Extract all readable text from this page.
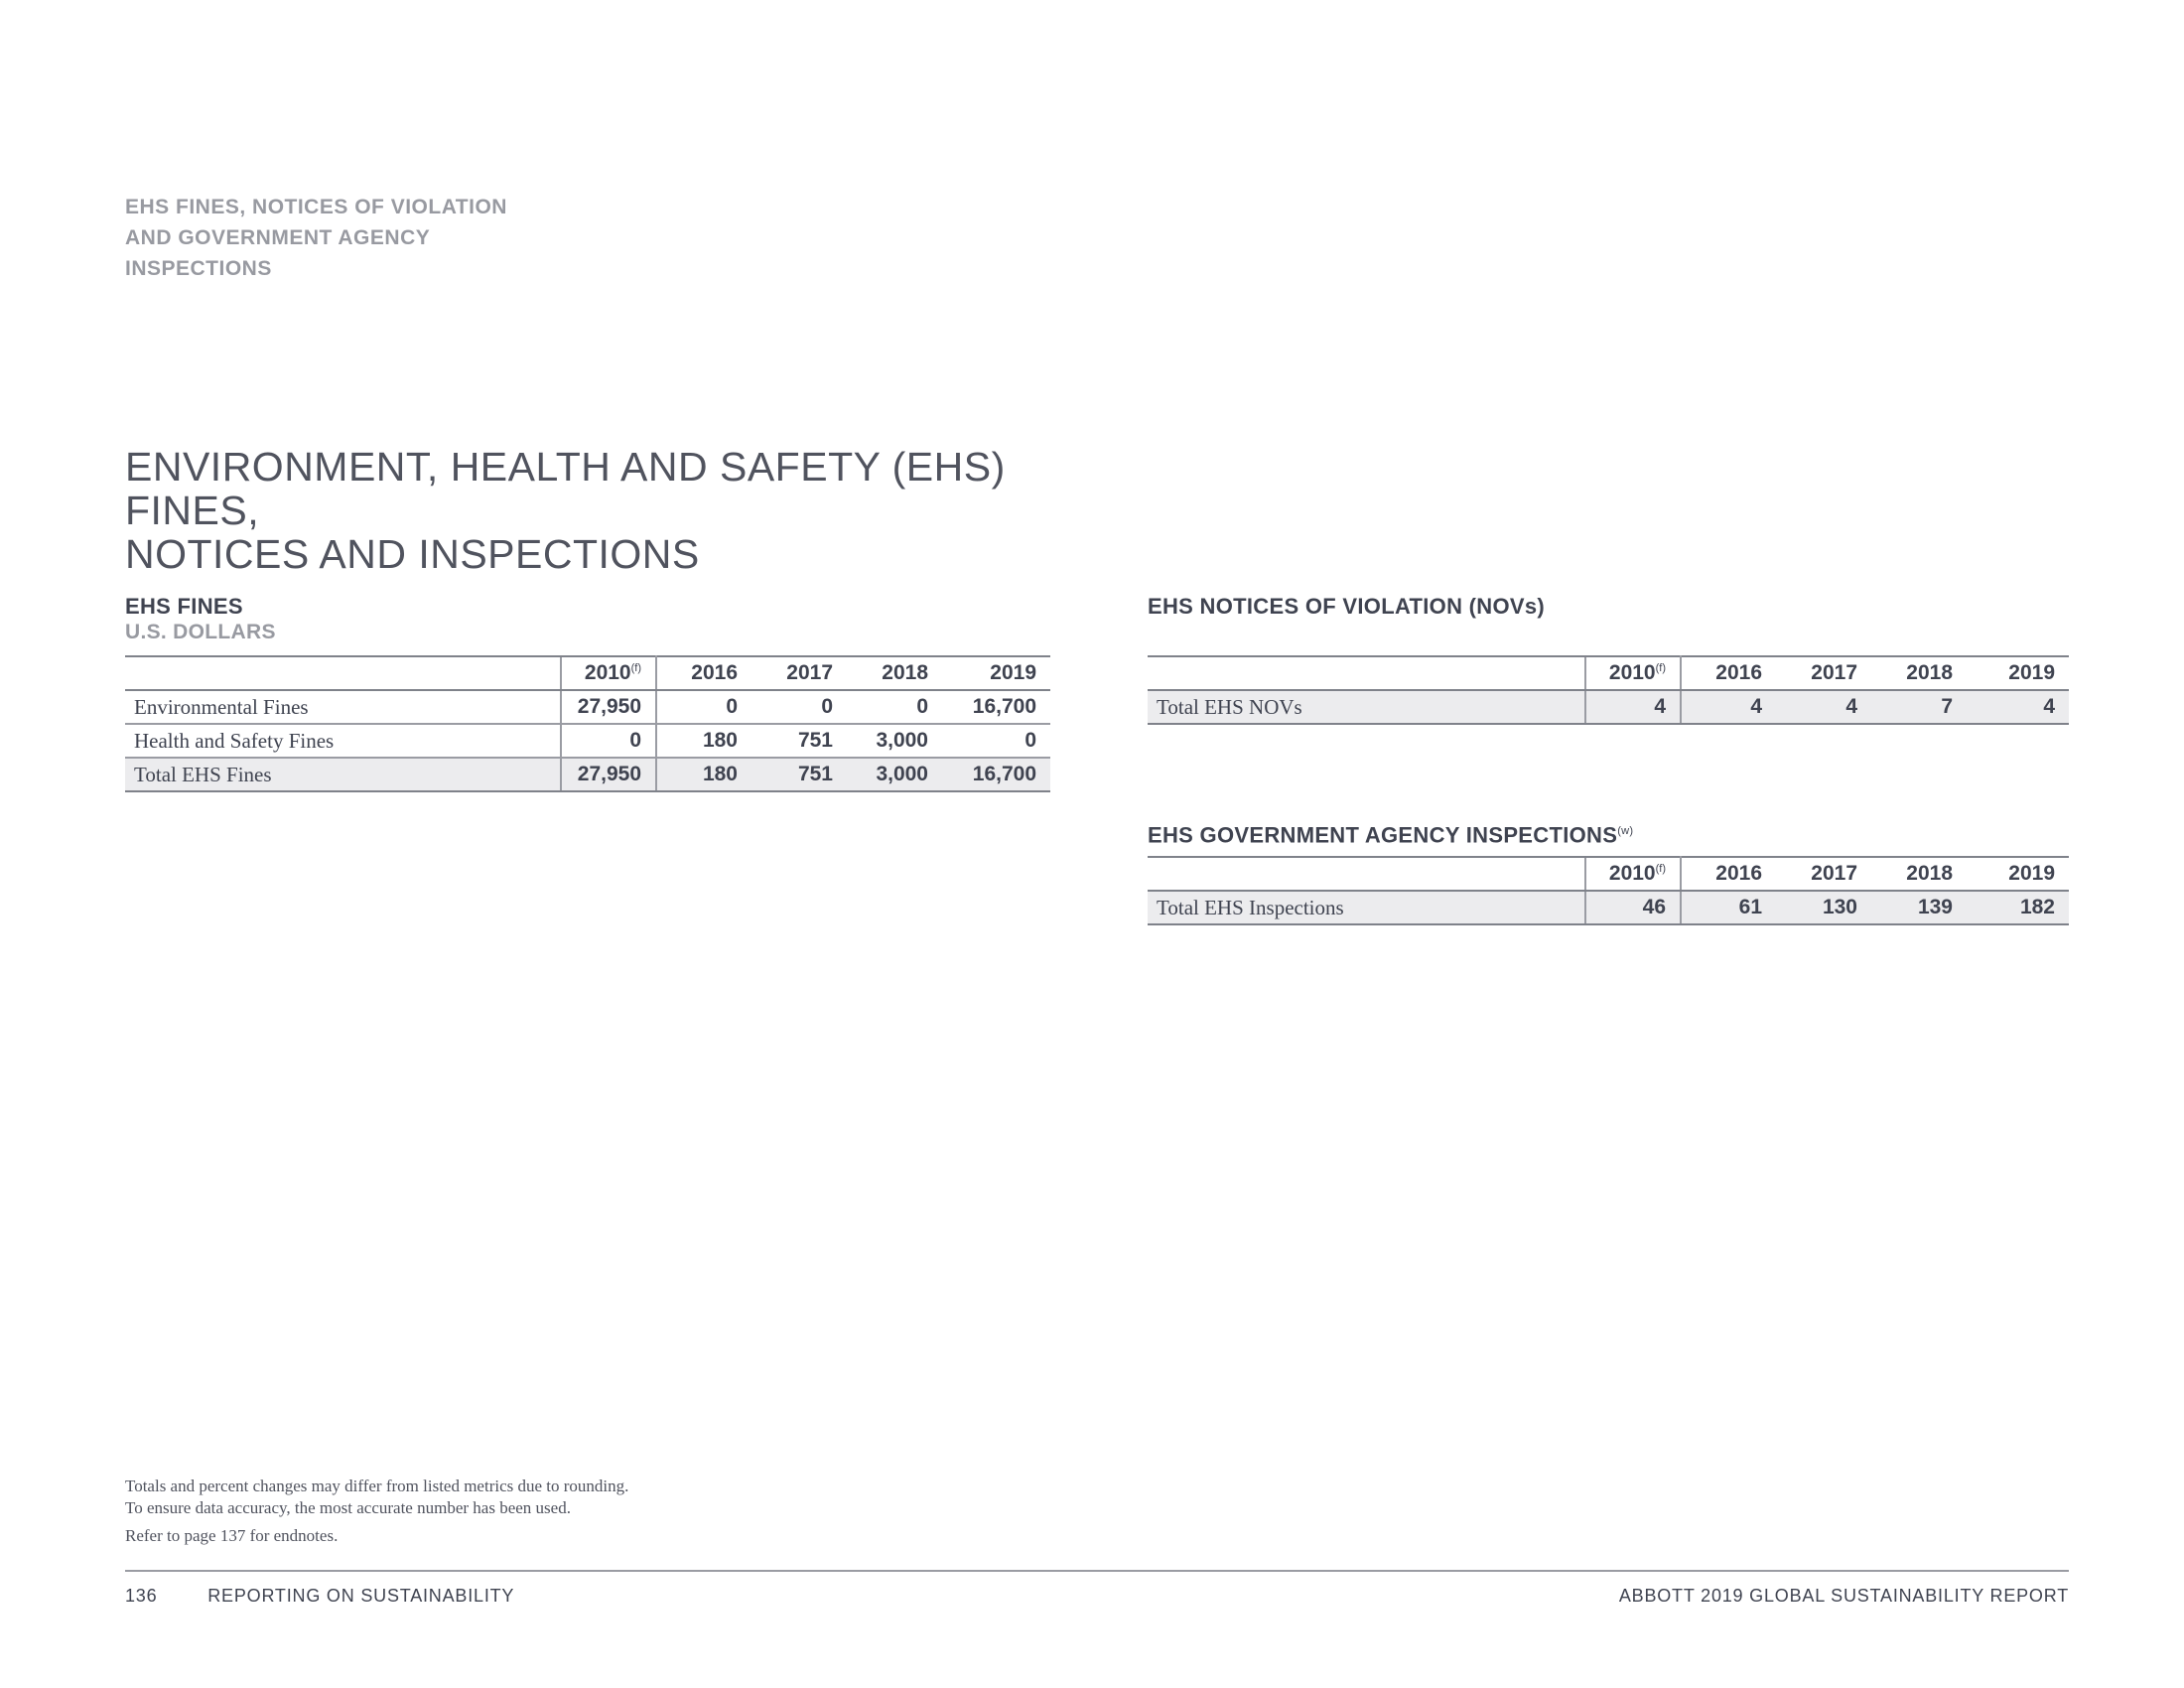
EHS FINES, NOTICES OF VIOLATION AND GOVERNMENT AGENCY INSPECTIONS
ENVIRONMENT, HEALTH AND SAFETY (EHS) FINES,
NOTICES AND INSPECTIONS
EHS FINES
U.S. DOLLARS
	2010$^{(f)}$	2016	2017	2018	2019
Environmental Fines	27,950	0	0	0	16,700
Health and Safety Fines	0	180	751	3,000	0
Total EHS Fines	27,950	180	751	3,000	16,700
EHS NOTICES OF VIOLATION (NOVs)
	2010$^{(f)}$	2016	2017	2018	2019
Total EHS NOVs	4	4	4	7	4
EHS GOVERNMENT AGENCY INSPECTIONS$^{(w)}$
	2010$^{(f)}$	2016	2017	2018	2019
Total EHS Inspections	46	61	130	139	182

Totals and percent changes may differ from listed metrics due to rounding.

To ensure data accuracy, the most accurate number has been used.

Refer to page 137 for endnotes.

136	REPORTING ON SUSTAINABILITY	ABBOTT 2019 GLOBAL SUSTAINABILITY REPORT
